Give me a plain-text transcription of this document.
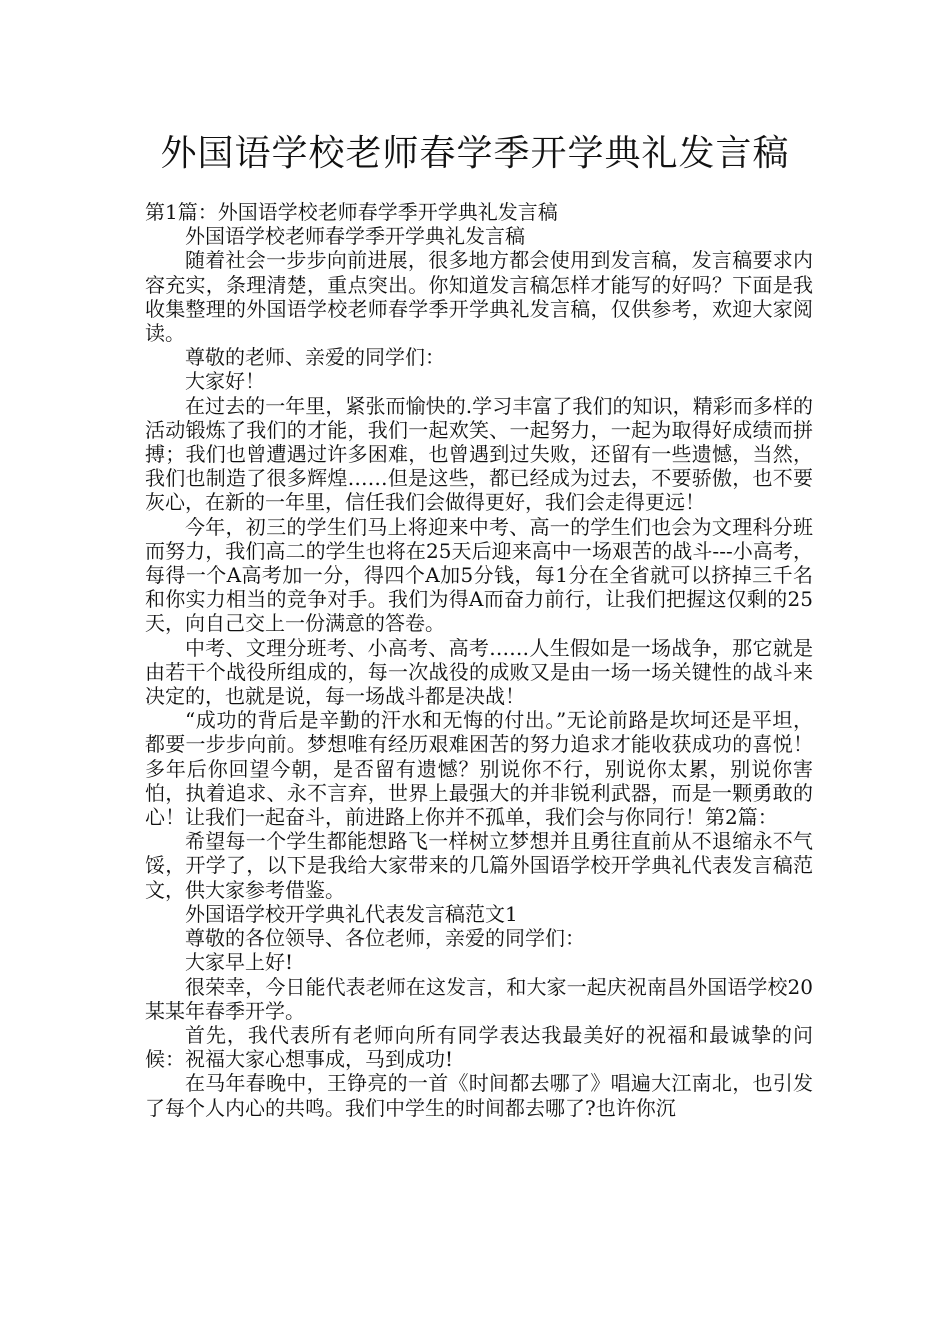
外国语学校老师春学季开学典礼发言稿

第1篇：外国语学校老师春学季开学典礼发言稿

外国语学校老师春学季开学典礼发言稿

随着社会一步步向前进展，很多地方都会使用到发言稿，发言稿要求内容充实，条理清楚，重点突出。你知道发言稿怎样才能写的好吗？下面是我收集整理的外国语学校老师春学季开学典礼发言稿，仅供参考，欢迎大家阅读。

尊敬的老师、亲爱的同学们：

大家好！

在过去的一年里，紧张而愉快的.学习丰富了我们的知识，精彩而多样的活动锻炼了我们的才能，我们一起欢笑、一起努力，一起为取得好成绩而拼搏；我们也曾遭遇过许多困难，也曾遇到过失败，还留有一些遗憾，当然，我们也制造了很多辉煌……但是这些，都已经成为过去，不要骄傲，也不要灰心，在新的一年里，信任我们会做得更好，我们会走得更远！

今年，初三的学生们马上将迎来中考、高一的学生们也会为文理科分班而努力，我们高二的学生也将在25天后迎来高中一场艰苦的战斗---小高考，每得一个A高考加一分，得四个A加5分钱，每1分在全省就可以挤掉三千名和你实力相当的竞争对手。我们为得A而奋力前行，让我们把握这仅剩的25天，向自己交上一份满意的答卷。

中考、文理分班考、小高考、高考……人生假如是一场战争，那它就是由若干个战役所组成的，每一次战役的成败又是由一场一场关键性的战斗来决定的，也就是说，每一场战斗都是决战！

“成功的背后是辛勤的汗水和无悔的付出。”无论前路是坎坷还是平坦，都要一步步向前。梦想唯有经历艰难困苦的努力追求才能收获成功的喜悦！多年后你回望今朝，是否留有遗憾？别说你不行，别说你太累，别说你害怕，执着追求、永不言弃，世界上最强大的并非锐利武器，而是一颗勇敢的心！让我们一起奋斗，前进路上你并不孤单，我们会与你同行！第2篇：

希望每一个学生都能想路飞一样树立梦想并且勇往直前从不退缩永不气馁，开学了，以下是我给大家带来的几篇外国语学校开学典礼代表发言稿范文，供大家参考借鉴。

外国语学校开学典礼代表发言稿范文1

尊敬的各位领导、各位老师，亲爱的同学们：

大家早上好!

很荣幸，今日能代表老师在这发言，和大家一起庆祝南昌外国语学校20某某年春季开学。

首先，我代表所有老师向所有同学表达我最美好的祝福和最诚挚的问候：祝福大家心想事成，马到成功!

在马年春晚中，王铮亮的一首《时间都去哪了》唱遍大江南北，也引发了每个人内心的共鸣。我们中学生的时间都去哪了?也许你沉
